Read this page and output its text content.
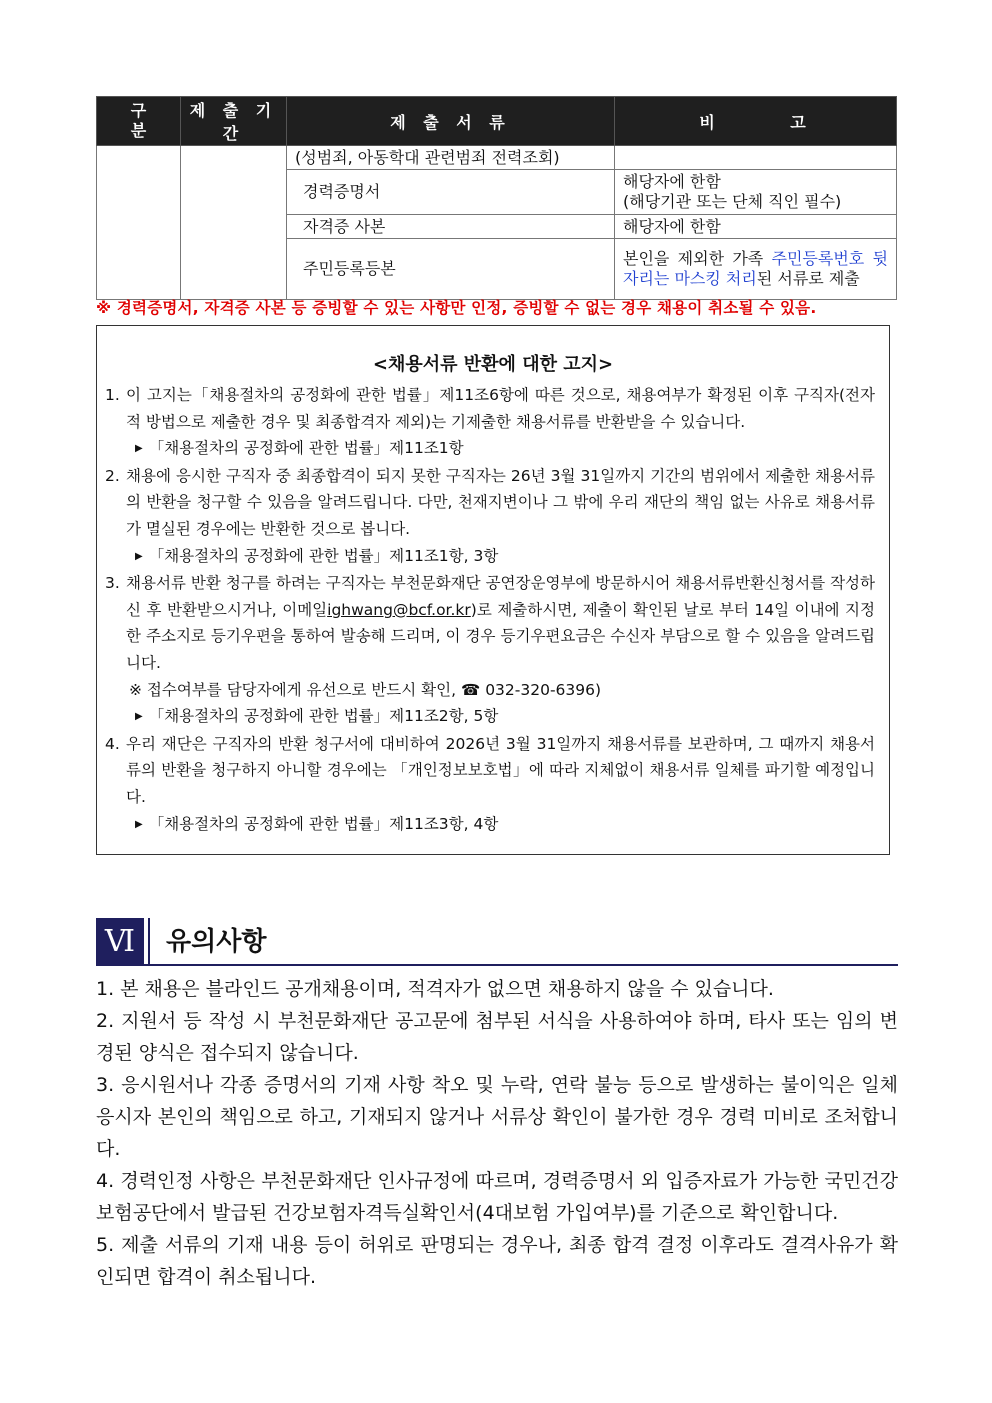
구
분	제 출 기 간	제 출 서 류	비      고
		(성범죄, 아동학대 관련범죄 전력조회)	
		경력증명서	해당자에 한함
(해당기관 또는 단체 직인 필수)

		자격증 사본	해당자에 한함
		주민등록등본	본인을 제외한 가족 주민등록번호 뒷자리는 마스킹 처리된 서류로 제출
※ 경력증명서, 자격증 사본 등 증빙할 수 있는 사항만 인정, 증빙할 수 없는 경우 채용이 취소될 수 있음.
<채용서류 반환에 대한 고지>
1. 이 고지는「채용절차의 공정화에 관한 법률」제11조6항에 따른 것으로, 채용여부가 확정된 이후 구직자(전자적 방법으로 제출한 경우 및 최종합격자 제외)는 기제출한 채용서류를 반환받을 수 있습니다.
▶ 「채용절차의 공정화에 관한 법률」제11조1항
2. 채용에 응시한 구직자 중 최종합격이 되지 못한 구직자는 26년 3월 31일까지 기간의 범위에서 제출한 채용서류의 반환을 청구할 수 있음을 알려드립니다. 다만, 천재지변이나 그 밖에 우리 재단의 책임 없는 사유로 채용서류가 멸실된 경우에는 반환한 것으로 봅니다.
▶ 「채용절차의 공정화에 관한 법률」제11조1항, 3항
3. 채용서류 반환 청구를 하려는 구직자는 부천문화재단 공연장운영부에 방문하시어 채용서류반환신청서를 작성하신 후 반환받으시거나, 이메일ighwang@bcf.or.kr)로 제출하시면, 제출이 확인된 날로 부터 14일 이내에 지정한 주소지로 등기우편을 통하여 발송해 드리며, 이 경우 등기우편요금은 수신자 부담으로 할 수 있음을 알려드립니다.
※ 접수여부를 담당자에게 유선으로 반드시 확인, ☎ 032-320-6396)
▶ 「채용절차의 공정화에 관한 법률」제11조2항, 5항
4. 우리 재단은 구직자의 반환 청구서에 대비하여 2026년 3월 31일까지 채용서류를 보관하며, 그 때까지 채용서류의 반환을 청구하지 아니할 경우에는 「개인정보보호법」에 따라 지체없이 채용서류 일체를 파기할 예정입니다.
▶ 「채용절차의 공정화에 관한 법률」제11조3항, 4항
Ⅵ	유의사항

1. 본 채용은 블라인드 공개채용이며, 적격자가 없으면 채용하지 않을 수 있습니다.

2. 지원서 등 작성 시 부천문화재단 공고문에 첨부된 서식을 사용하여야 하며, 타사 또는 임의 변경된 양식은 접수되지 않습니다.

3. 응시원서나 각종 증명서의 기재 사항 착오 및 누락, 연락 불능 등으로 발생하는 불이익은 일체 응시자 본인의 책임으로 하고, 기재되지 않거나 서류상 확인이 불가한 경우 경력 미비로 조처합니다.

4. 경력인정 사항은 부천문화재단 인사규정에 따르며, 경력증명서 외 입증자료가 가능한 국민건강보험공단에서 발급된 건강보험자격득실확인서(4대보험 가입여부)를 기준으로 확인합니다.

5. 제출 서류의 기재 내용 등이 허위로 판명되는 경우나, 최종 합격 결정 이후라도 결격사유가 확인되면 합격이 취소됩니다.
